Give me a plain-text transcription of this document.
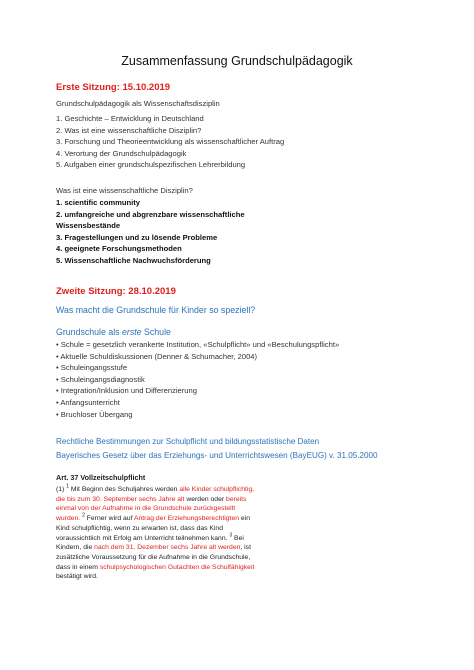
Zusammenfassung Grundschulpädagogik
Erste Sitzung: 15.10.2019
Grundschulpädagogik als Wissenschaftsdisziplin
1. Geschichte – Entwicklung in Deutschland
2. Was ist eine wissenschaftliche Disziplin?
3. Forschung und Theorieentwicklung als wissenschaftlicher Auftrag
4. Verortung der Grundschulpädagogik
5. Aufgaben einer grundschulspezifischen Lehrerbildung
Was ist eine wissenschaftliche Disziplin?
1. scientific community
2. umfangreiche und abgrenzbare wissenschaftliche
Wissensbestände
3. Fragestellungen und zu lösende Probleme
4. geeignete Forschungsmethoden
5. Wissenschaftliche Nachwuchsförderung
Zweite Sitzung: 28.10.2019
Was macht die Grundschule für Kinder so speziell?
Grundschule als erste Schule
• Schule = gesetzlich verankerte Institution, «Schulpflicht» und «Beschulungspflicht»
• Aktuelle Schuldiskussionen (Denner & Schumacher, 2004)
• Schuleingangsstufe
• Schuleingangsdiagnostik
• Integration/Inklusion und Differenzierung
• Anfangsunterricht
• Bruchloser Übergang
Rechtliche Bestimmungen zur Schulpflicht und bildungsstatistische Daten
Bayerisches Gesetz über das Erziehungs- und Unterrichtswesen (BayEUG) v. 31.05.2000
Art. 37 Vollzeitschulpflicht
(1) $^1$ Mit Beginn des Schuljahres werden alle Kinder schulpflichtig,
die bis zum 30. September sechs Jahre alt werden oder bereits
einmal von der Aufnahme in die Grundschule zurückgestellt
wurden. $^2$ Ferner wird auf Antrag der Erziehungsberechtigten ein
Kind schulpflichtig, wenn zu erwarten ist, dass das Kind
voraussichtlich mit Erfolg am Unterricht teilnehmen kann. $^3$ Bei
Kindern, die nach dem 31. Dezember sechs Jahre alt werden, ist
zusätzliche Voraussetzung für die Aufnahme in die Grundschule,
dass in einem schulpsychologischen Gutachten die Schulfähigkeit
bestätigt wird.
